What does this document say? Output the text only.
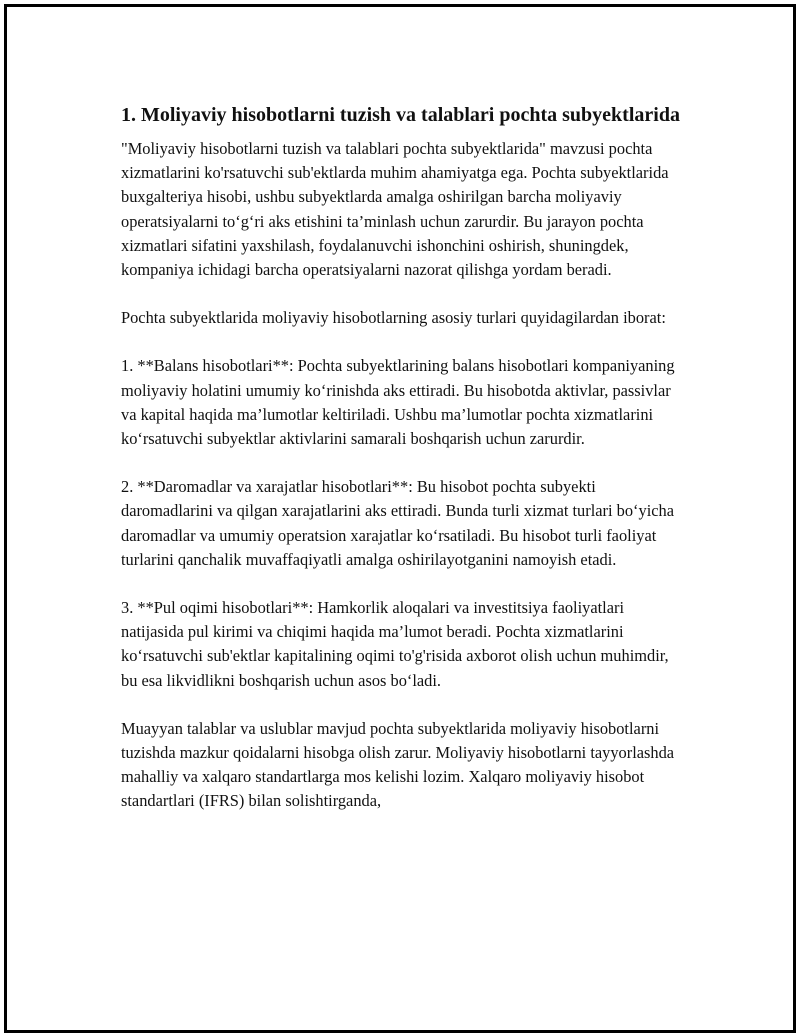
1. Moliyaviy hisobotlarni tuzish va talablari pochta subyektlarida

"Moliyaviy hisobotlarni tuzish va talablari pochta subyektlarida" mavzusi pochta xizmatlarini ko'rsatuvchi sub'ektlarda muhim ahamiyatga ega. Pochta subyektlarida buxgalteriya hisobi, ushbu subyektlarda amalga oshirilgan barcha moliyaviy operatsiyalarni to‘g‘ri aks etishini ta’minlash uchun zarurdir. Bu jarayon pochta xizmatlari sifatini yaxshilash, foydalanuvchi ishonchini oshirish, shuningdek, kompaniya ichidagi barcha operatsiyalarni nazorat qilishga yordam beradi.

Pochta subyektlarida moliyaviy hisobotlarning asosiy turlari quyidagilardan iborat:

1. **Balans hisobotlari**: Pochta subyektlarining balans hisobotlari kompaniyaning moliyaviy holatini umumiy ko‘rinishda aks ettiradi. Bu hisobotda aktivlar, passivlar va kapital haqida ma’lumotlar keltiriladi. Ushbu ma’lumotlar pochta xizmatlarini ko‘rsatuvchi subyektlar aktivlarini samarali boshqarish uchun zarurdir.

2. **Daromadlar va xarajatlar hisobotlari**: Bu hisobot pochta subyekti daromadlarini va qilgan xarajatlarini aks ettiradi. Bunda turli xizmat turlari bo‘yicha daromadlar va umumiy operatsion xarajatlar ko‘rsatiladi. Bu hisobot turli faoliyat turlarini qanchalik muvaffaqiyatli amalga oshirilayotganini namoyish etadi.

3. **Pul oqimi hisobotlari**: Hamkorlik aloqalari va investitsiya faoliyatlari natijasida pul kirimi va chiqimi haqida ma’lumot beradi. Pochta xizmatlarini ko‘rsatuvchi sub'ektlar kapitalining oqimi to'g'risida axborot olish uchun muhimdir, bu esa likvidlikni boshqarish uchun asos bo‘ladi.

Muayyan talablar va uslublar mavjud pochta subyektlarida moliyaviy hisobotlarni tuzishda mazkur qoidalarni hisobga olish zarur. Moliyaviy hisobotlarni tayyorlashda mahalliy va xalqaro standartlarga mos kelishi lozim. Xalqaro moliyaviy hisobot standartlari (IFRS) bilan solishtirganda,
